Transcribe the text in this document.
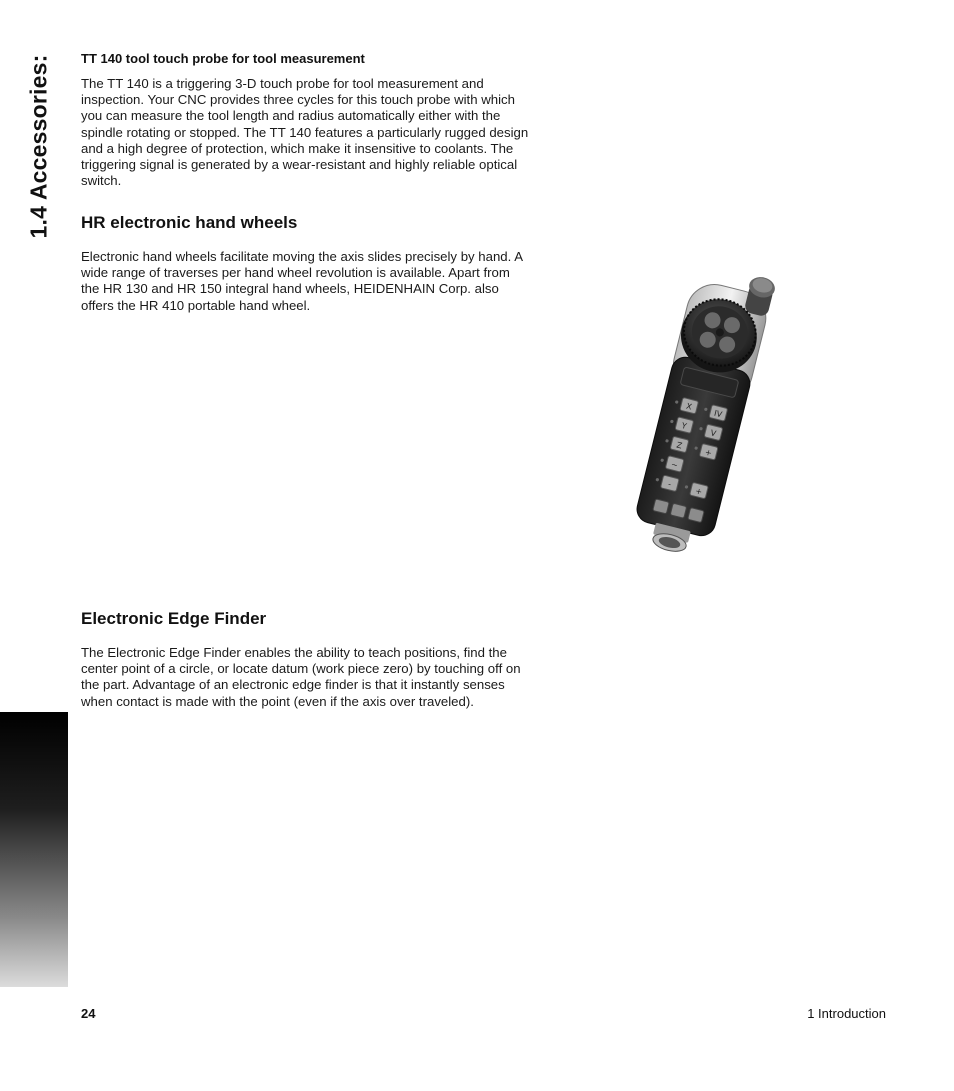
1.4 Accessories: TT 140 tool touch probe for tool measurement

The TT 140 is a triggering 3-D touch probe for tool measurement and inspection. Your CNC provides three cycles for this touch probe with which you can measure the tool length and radius automatically either with the spindle rotating or stopped. The TT 140 features a particularly rugged design and a high degree of protection, which make it insensitive to coolants. The triggering signal is generated by a wear-resistant and highly reliable optical switch.

HR electronic hand wheels

Electronic hand wheels facilitate moving the axis slides precisely by hand. A wide range of traverses per hand wheel revolution is available. Apart from the HR 130 and HR 150 integral hand wheels, HEIDENHAIN Corp. also offers the HR 410 portable hand wheel.

X
IV
Y
V
Z
+
~
-
+
Electronic Edge Finder

The Electronic Edge Finder enables the ability to teach positions, find the center point of a circle, or locate datum (work piece zero) by touching off on the part. Advantage of an electronic edge finder is that it instantly senses when contact is made with the point (even if the axis over traveled).

24	1 Introduction
